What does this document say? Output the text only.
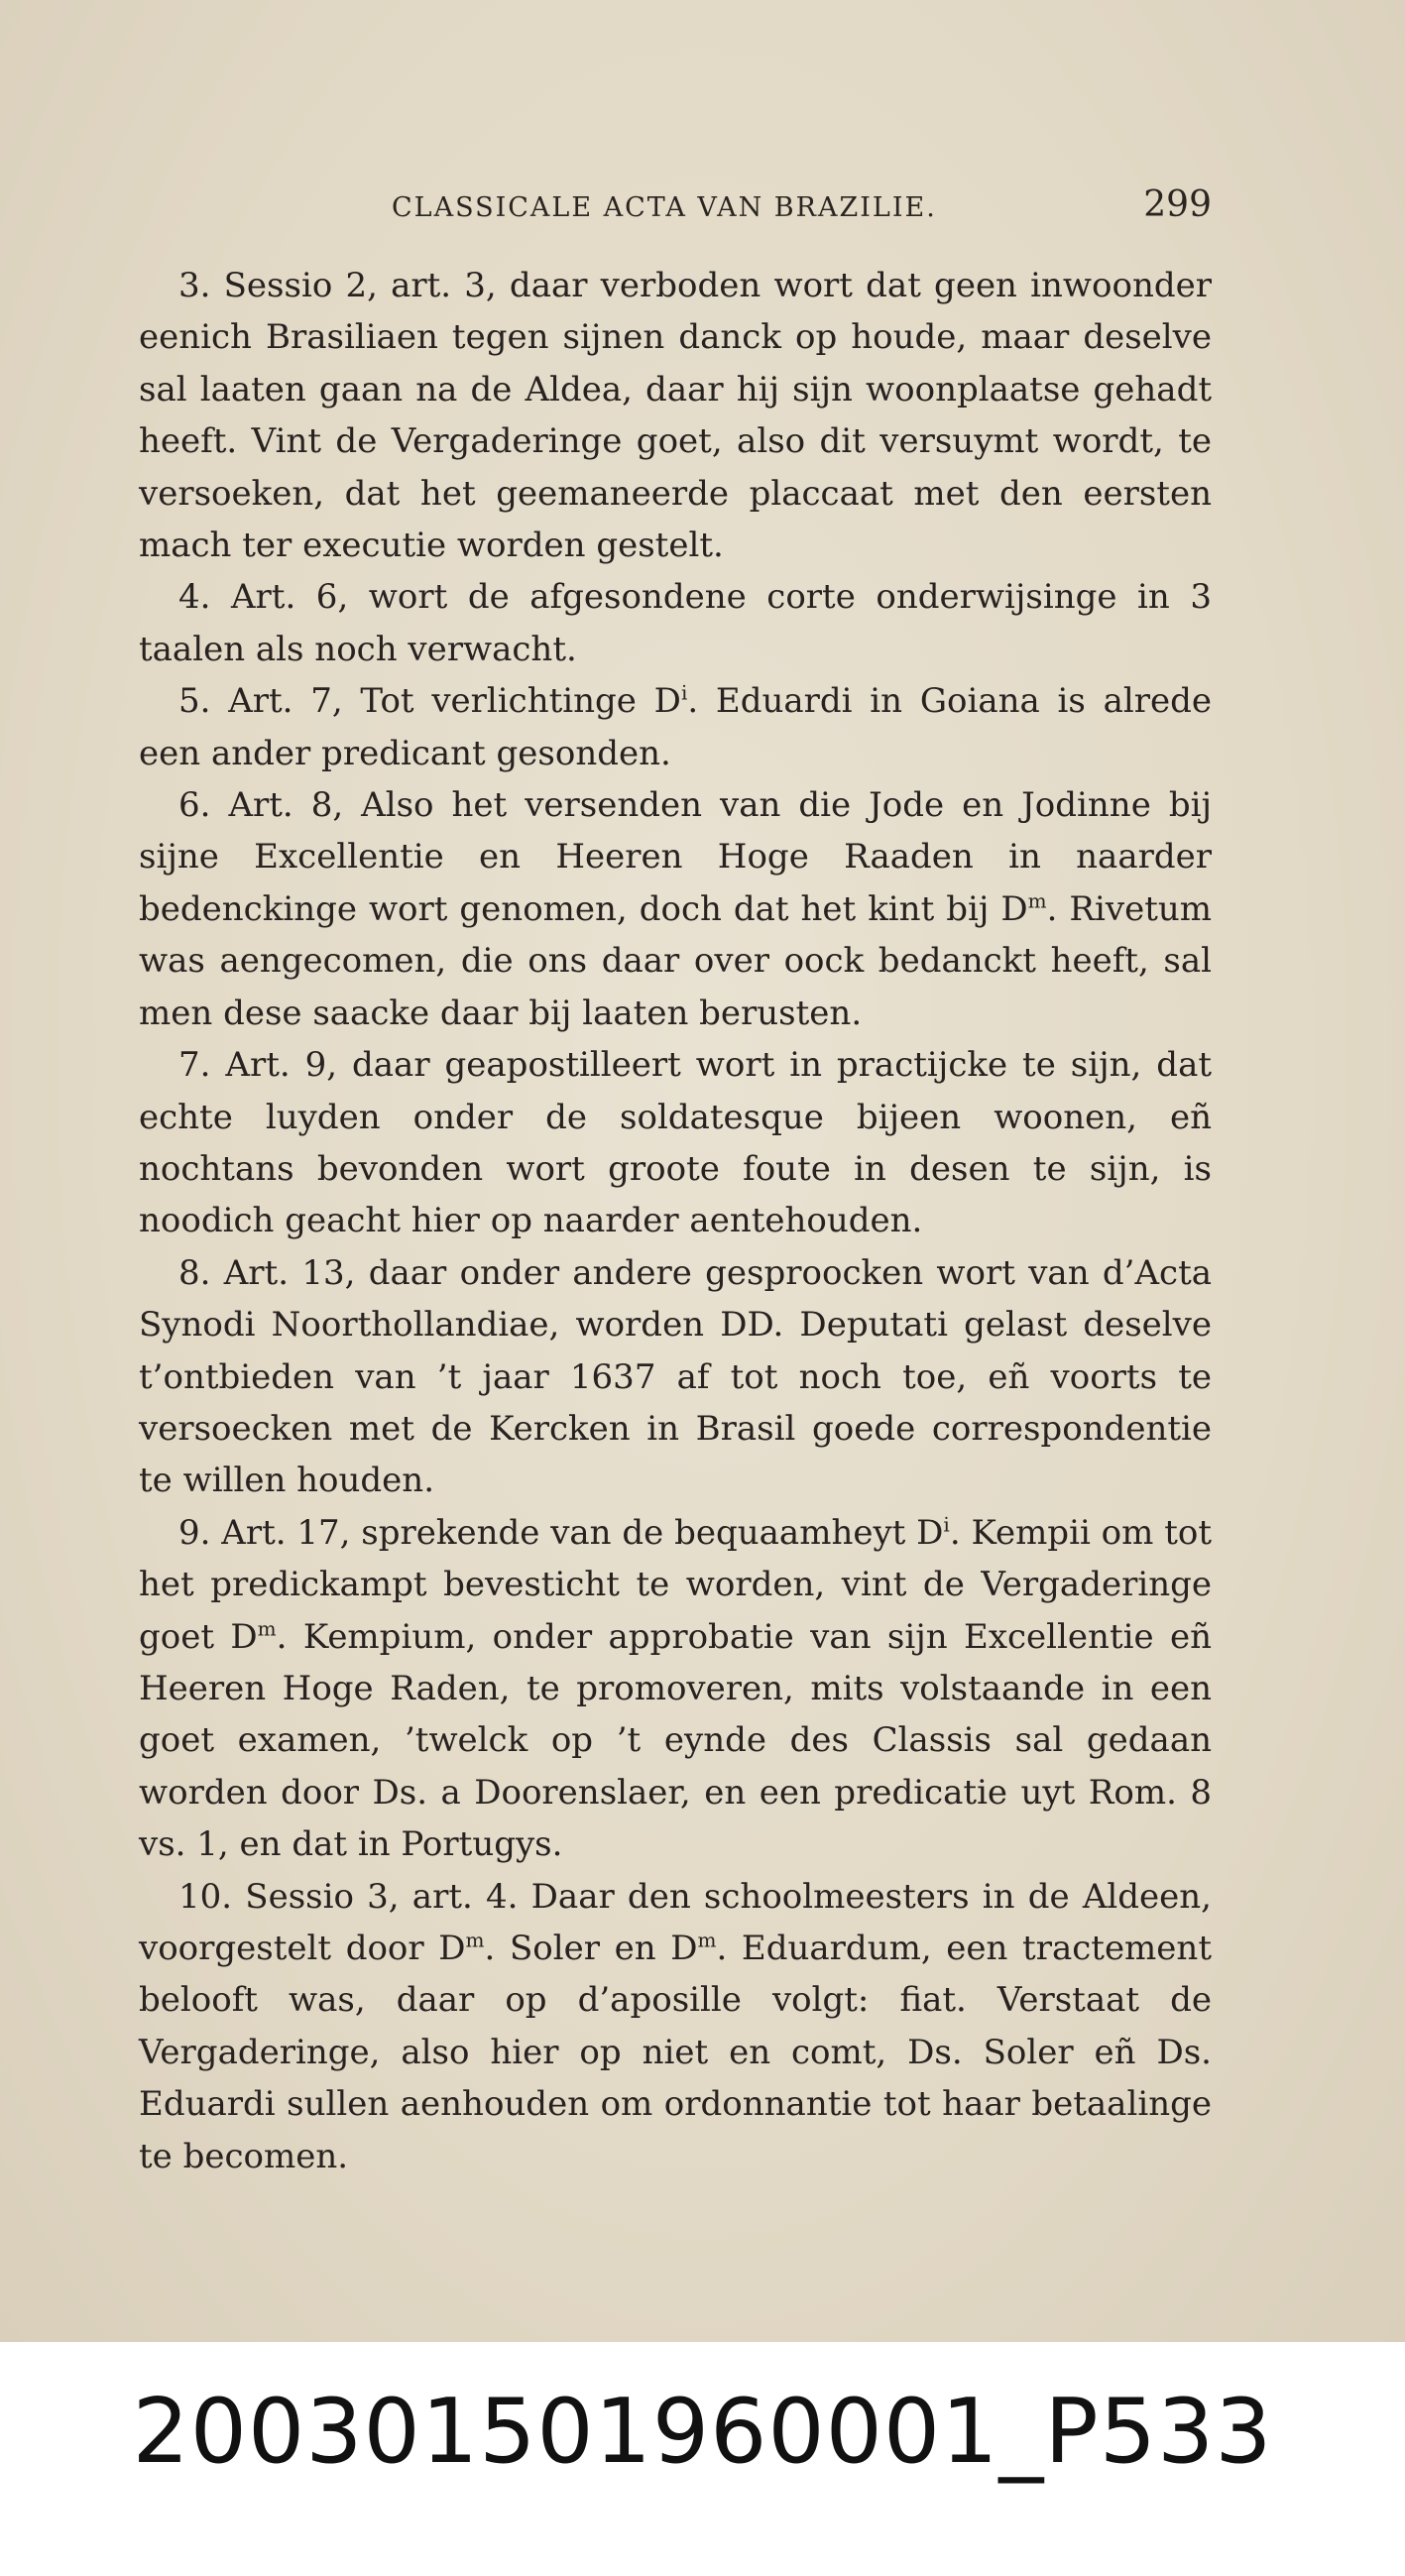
CLASSICALE ACTA VAN BRAZILIE.	299

3. Sessio 2, art. 3, daar verboden wort dat geen inwoonder eenich Brasiliaen tegen sijnen danck op houde, maar deselve sal laaten gaan na de Aldea, daar hij sijn woonplaatse gehadt heeft. Vint de Vergaderinge goet, also dit versuymt wordt, te versoeken, dat het geemaneerde placcaat met den eersten mach ter executie worden gestelt.

4. Art. 6, wort de afgesondene corte onderwijsinge in 3 taalen als noch verwacht.

5. Art. 7, Tot verlichtinge $D^i$. Eduardi in Goiana is alrede een ander predicant gesonden.

6. Art. 8, Also het versenden van die Jode en Jodinne bij sijne Excellentie en Heeren Hoge Raaden in naarder bedenckinge wort genomen, doch dat het kint bij $D^m$. Rivetum was aengecomen, die ons daar over oock bedanckt heeft, sal men dese saacke daar bij laaten berusten.

7. Art. 9, daar geapostilleert wort in practijcke te sijn, dat echte luyden onder de soldatesque bijeen woonen, eñ nochtans bevonden wort groote foute in desen te sijn, is noodich geacht hier op naarder aentehouden.

8. Art. 13, daar onder andere gesproocken wort van d’Acta Synodi Noorthollandiae, worden DD. Deputati gelast deselve t’ontbieden van ’t jaar 1637 af tot noch toe, eñ voorts te versoecken met de Kercken in Brasil goede correspondentie te willen houden.

9. Art. 17, sprekende van de bequaamheyt $D^i$. Kempii om tot het predickampt bevesticht te worden, vint de Vergaderinge goet $D^m$. Kempium, onder approbatie van sijn Excellentie eñ Heeren Hoge Raden, te promoveren, mits volstaande in een goet examen, ’twelck op ’t eynde des Classis sal gedaan worden door Ds. a Doorenslaer, en een predicatie uyt Rom. 8 vs. 1, en dat in Portugys.

10. Sessio 3, art. 4. Daar den schoolmeesters in de Aldeen, voorgestelt door $D^m$. Soler en $D^m$. Eduardum, een tractement belooft was, daar op d’aposille volgt: fiat. Verstaat de Vergaderinge, also hier op niet en comt, Ds. Soler eñ Ds. Eduardi sullen aenhouden om ordonnantie tot haar betaalinge te becomen.

200301501960001_P533
